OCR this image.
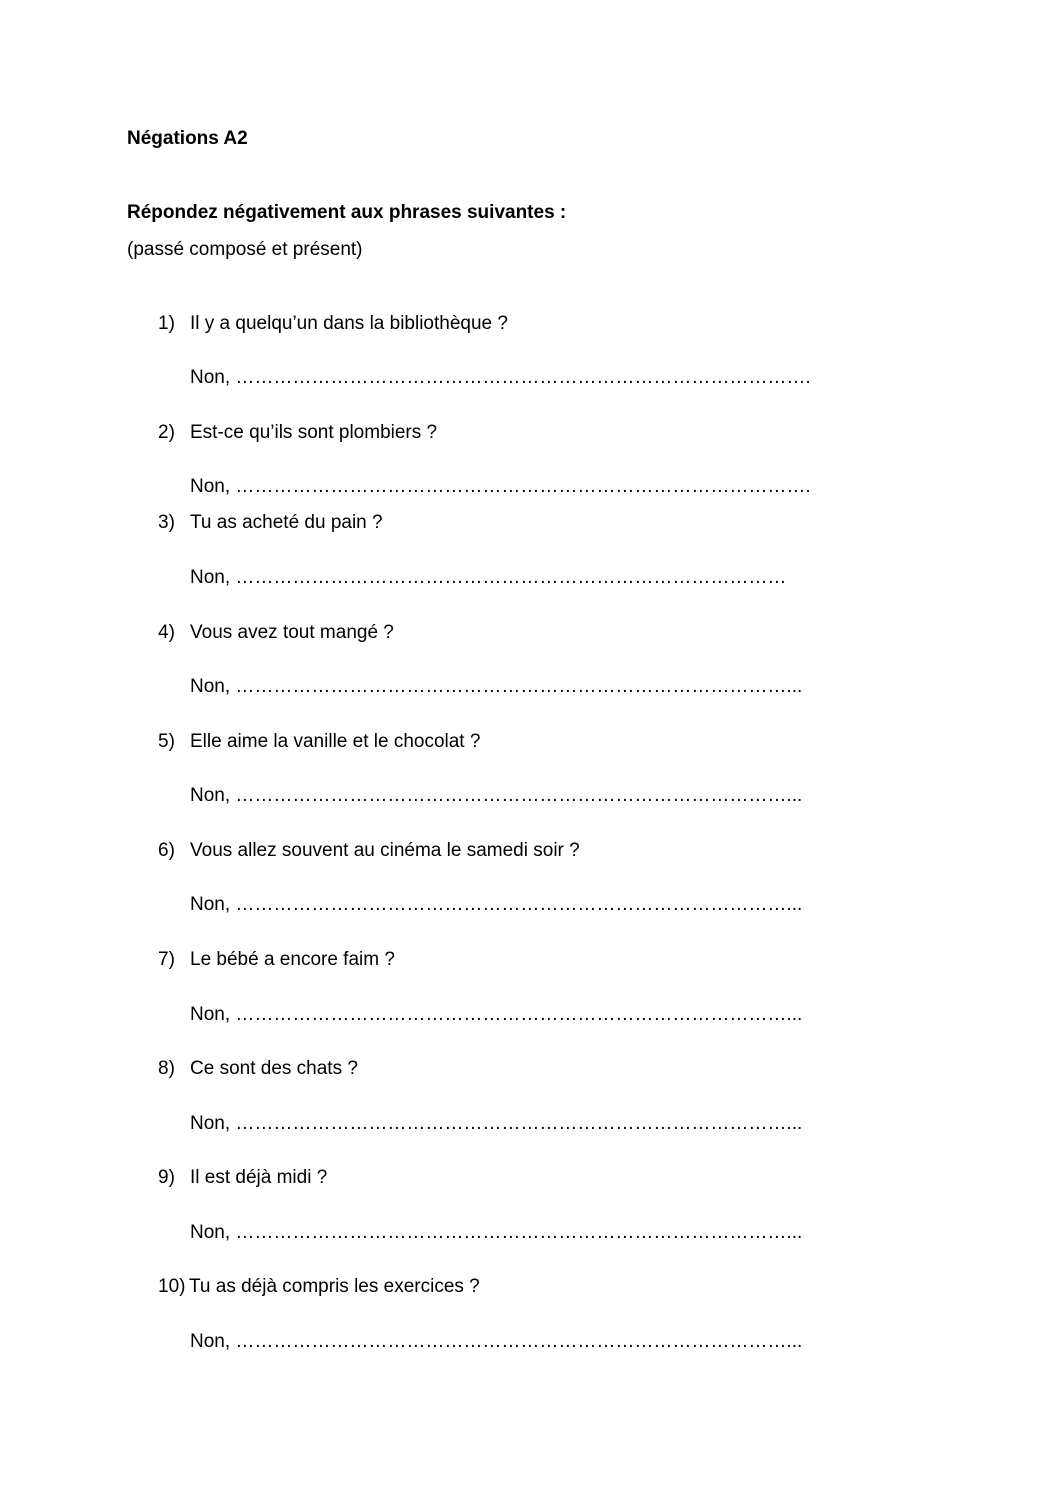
Négations A2

Répondez négativement aux phrases suivantes :

(passé composé et présent)

1) Il y a quelqu’un dans la bibliothèque ?
Non, ……………………………………………………………………………….
2) Est-ce qu’ils sont plombiers ?
Non, ……………………………………………………………………………….
3) Tu as acheté du pain ?
Non, ……………………………………………………………………………
4) Vous avez tout mangé ?
Non, ……………………………………………………………………………...
5) Elle aime la vanille et le chocolat ?
Non, ……………………………………………………………………………...
6) Vous allez souvent au cinéma le samedi soir ?
Non, ……………………………………………………………………………...
7) Le bébé a encore faim ?
Non, ……………………………………………………………………………...
8) Ce sont des chats ?
Non, ……………………………………………………………………………...
9) Il est déjà midi ?
Non, ……………………………………………………………………………...
10) Tu as déjà compris les exercices ?
Non, ……………………………………………………………………………...
